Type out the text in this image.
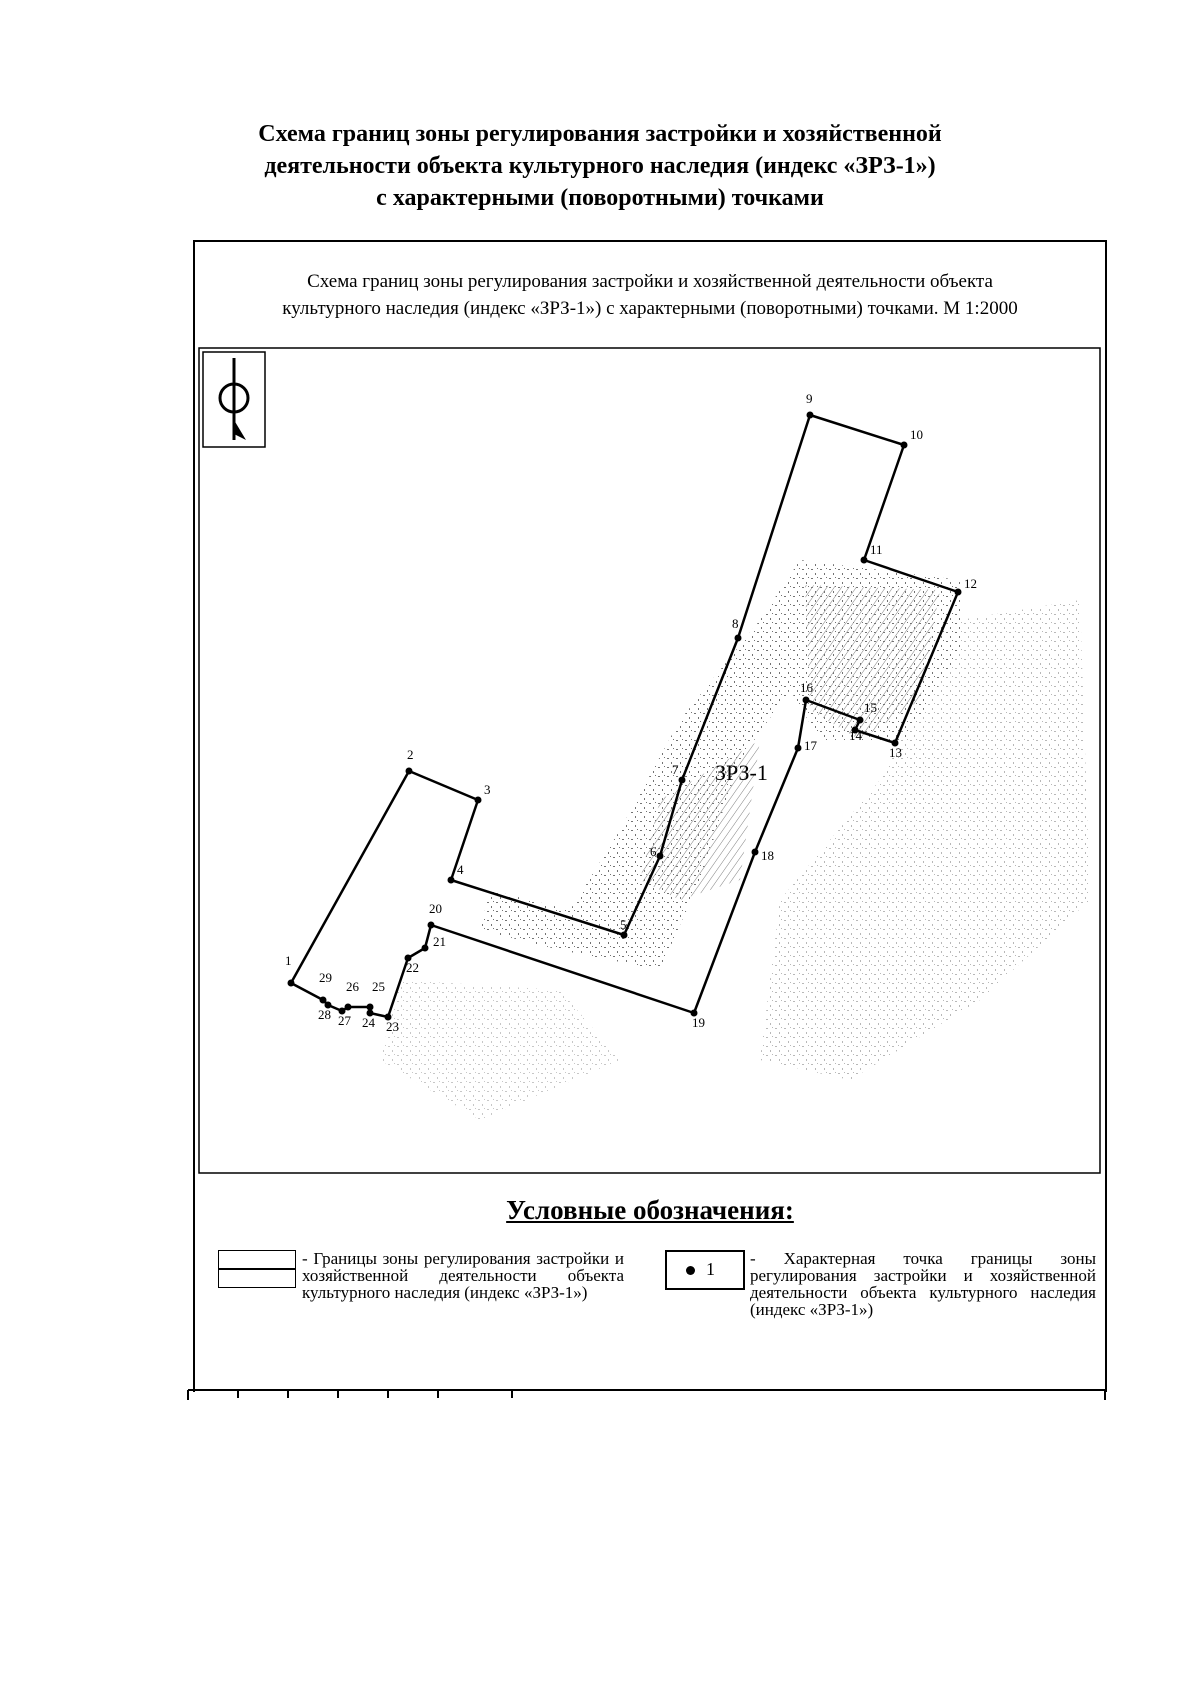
Схема границ зоны регулирования застройки и хозяйственной
деятельности объекта культурного наследия (индекс «ЗРЗ-1»)
с характерными (поворотными) точками
Схема границ зоны регулирования застройки и хозяйственной деятельности объекта
культурного наследия (индекс «ЗРЗ-1») с характерными (поворотными) точками. М 1:2000
1
2
3
4
5
6
7
8
9
10
11
12
13
14
15
16
17
18
19
20
21
22
23
24
25
26
27
28
29
ЗРЗ-1
Условные обозначения:
- Границы зоны регулирования застройки и хозяйственной деятельности объекта культурного наследия (индекс «ЗРЗ-1»)
1
- Характерная точка границы зоны регулирования застройки и хозяйственной деятельности объекта культурного наследия (индекс «ЗРЗ-1»)
